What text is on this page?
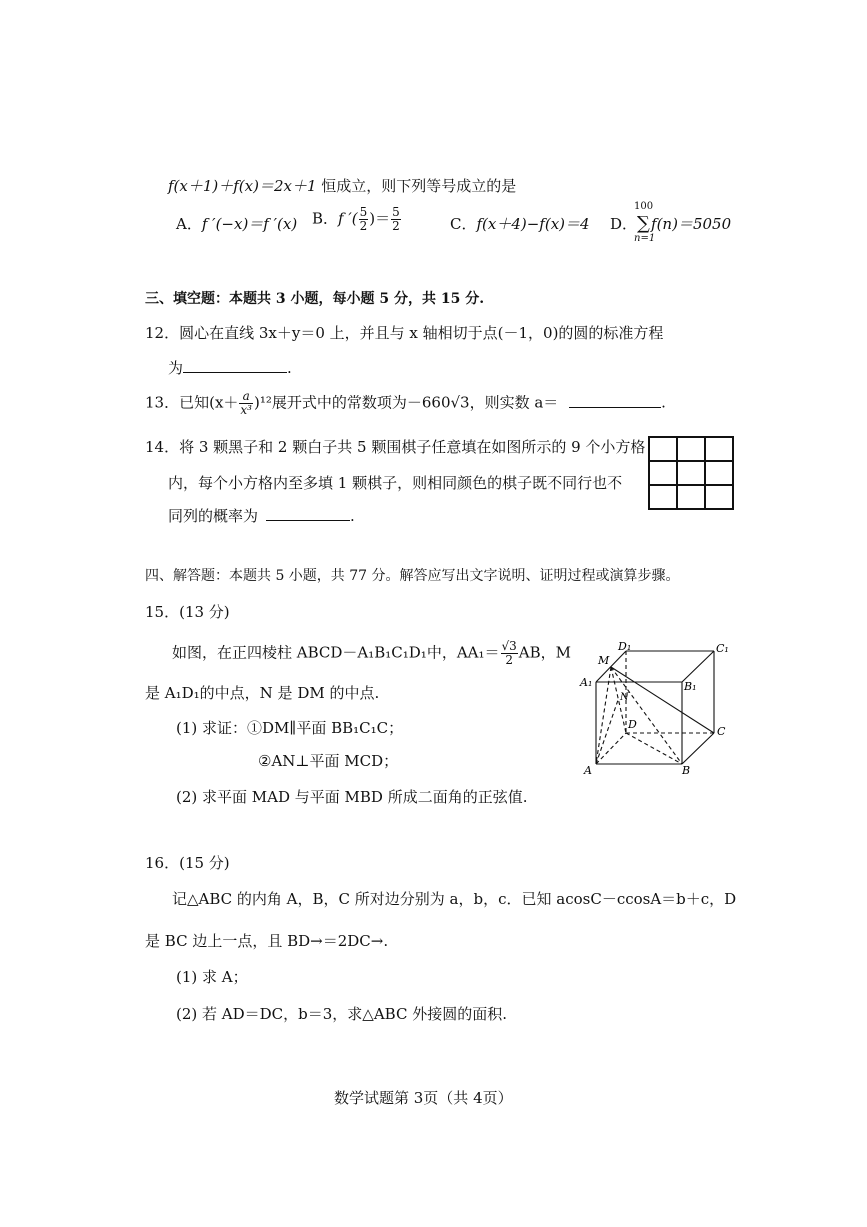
f(x＋1)＋f(x)＝2x＋1 恒成立，则下列等号成立的是
A．f ′(−x)＝f ′(x) B．f ′( $\frac{5}{2}$ )＝ $\frac{5}{2}$	C．f(x＋4)−f(x)＝4 D．
100
∑
n=1
f(n)＝5050
三、填空题：本题共 3 小题，每小题 5 分，共 15 分.
12．圆心在直线 3x＋y＝0 上，并且与 x 轴相切于点(－1，0)的圆的标准方程
为	.
13．已知$(x+ \frac{a}{\text{x³}} )^{12}$展开式中的常数项为－660√3，则实数 a＝	.
14．将 3 颗黑子和 2 颗白子共 5 颗围棋子任意填在如图所示的 9 个小方格
内，每个小方格内至多填 1 颗棋子，则相同颜色的棋子既不同行也不
同列的概率为	.
四、解答题：本题共 5 小题，共 77 分。解答应写出文字说明、证明过程或演算步骤。
15．(13 分)
如图，在正四棱柱 ABCD－A₁B₁C₁D₁中，$AA_1= \frac{√3}{2}$ AB，M
是 A₁D₁的中点，N 是 DM 的中点.
(1) 求证：①DM∥平面 BB₁C₁C；
②AN⊥平面 MCD；
(2) 求平面 MAD 与平面 MBD 所成二面角的正弦值.
D₁	C₁
M
A₁	B₁
N
D
C
A	B
16．(15 分)
记△ABC 的内角 A，B，C 所对边分别为 a，b，c．已知 acosC－ccosA＝b＋c，D
是 BC 边上一点，且 BD→＝2DC→.
(1) 求 A；
(2) 若 AD＝DC，b＝3，求△ABC 外接圆的面积.
数学试题第 3页（共 4页）
